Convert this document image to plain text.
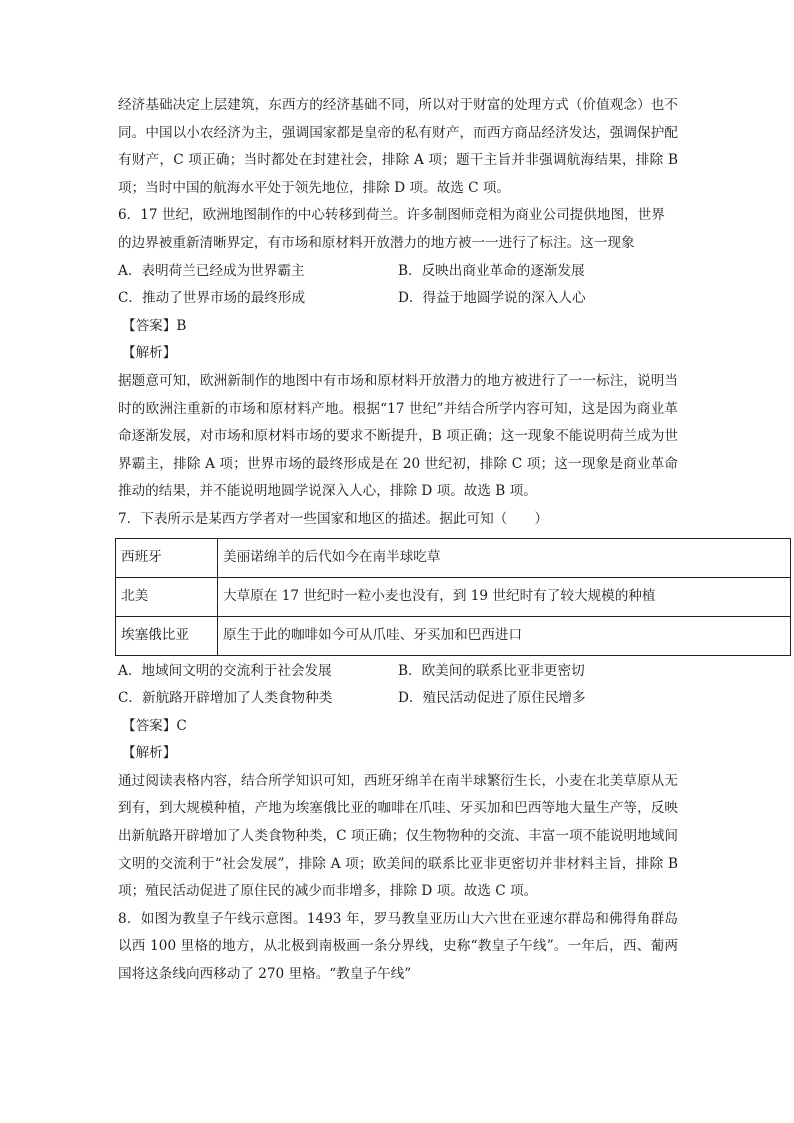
经济基础决定上层建筑，东西方的经济基础不同，所以对于财富的处理方式（价值观念）也不同。中国以小农经济为主，强调国家都是皇帝的私有财产，而西方商品经济发达，强调保护配有财产，C 项正确；当时都处在封建社会，排除 A 项；题干主旨并非强调航海结果，排除 B 项；当时中国的航海水平处于领先地位，排除 D 项。故选 C 项。

6．17 世纪，欧洲地图制作的中心转移到荷兰。许多制图师竞相为商业公司提供地图，世界的边界被重新清晰界定，有市场和原材料开放潜力的地方被一一进行了标注。这一现象

A．表明荷兰已经成为世界霸主	B．反映出商业革命的逐渐发展

C．推动了世界市场的最终形成	D．得益于地圆学说的深入人心

【答案】B

【解析】

据题意可知，欧洲新制作的地图中有市场和原材料开放潜力的地方被进行了一一标注，说明当时的欧洲注重新的市场和原材料产地。根据“17 世纪”并结合所学内容可知，这是因为商业革命逐渐发展，对市场和原材料市场的要求不断提升，B 项正确；这一现象不能说明荷兰成为世界霸主，排除 A 项；世界市场的最终形成是在 20 世纪初，排除 C 项；这一现象是商业革命推动的结果，并不能说明地圆学说深入人心，排除 D 项。故选 B 项。

7．下表所示是某西方学者对一些国家和地区的描述。据此可知（　　）

西班牙	美丽诺绵羊的后代如今在南半球吃草
北美	大草原在 17 世纪时一粒小麦也没有，到 19 世纪时有了较大规模的种植
埃塞俄比亚	原生于此的咖啡如今可从爪哇、牙买加和巴西进口

A．地域间文明的交流利于社会发展	B．欧美间的联系比亚非更密切

C．新航路开辟增加了人类食物种类	D．殖民活动促进了原住民增多

【答案】C

【解析】

通过阅读表格内容，结合所学知识可知，西班牙绵羊在南半球繁衍生长，小麦在北美草原从无到有，到大规模种植，产地为埃塞俄比亚的咖啡在爪哇、牙买加和巴西等地大量生产等，反映出新航路开辟增加了人类食物种类，C 项正确；仅生物物种的交流、丰富一项不能说明地域间文明的交流利于“社会发展”，排除 A 项；欧美间的联系比亚非更密切并非材料主旨，排除 B 项；殖民活动促进了原住民的减少而非增多，排除 D 项。故选 C 项。

8．如图为教皇子午线示意图。1493 年，罗马教皇亚历山大六世在亚速尔群岛和佛得角群岛以西 100 里格的地方，从北极到南极画一条分界线，史称“教皇子午线”。一年后，西、葡两国将这条线向西移动了 270 里格。“教皇子午线”
